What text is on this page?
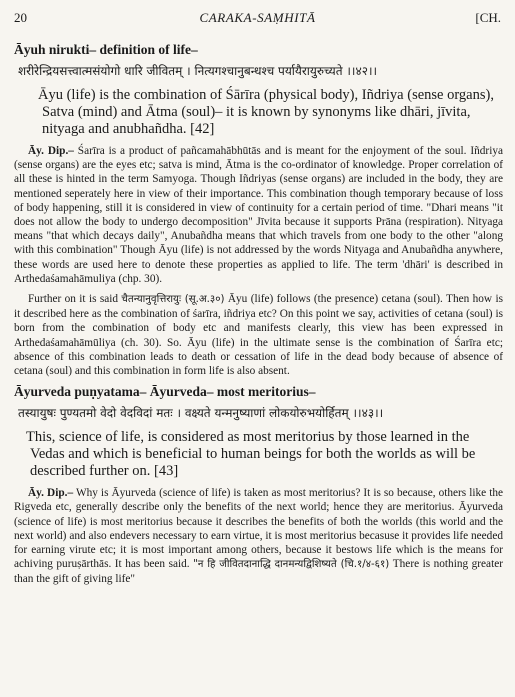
20	CARAKA-SAṂHITĀ	[CH.
Āyuh nirukti– definition of life–
शरीरेन्द्रियसत्त्वात्मसंयोगो धारि जीवितम् । नित्यगश्चानुबन्धश्च पर्यायैरायुरुच्यते ।।४२।।
Āyu (life) is the combination of Śārīra (physical body), Iñdriya (sense organs), Satva (mind) and Ātma (soul)– it is known by synonyms like dhāri, jīvita, nityaga and anubhañdha. [42]
Āy. Dip.– Śarīra is a product of pañcamahābhūtās and is meant for the enjoyment of the soul. Iñdriya (sense organs) are the eyes etc; satva is mind, Ātma is the co-ordinator of knowledge. Proper correlation of all these is hinted in the term Samyoga. Though Iñdriyas (sense organs) are included in the body, they are mentioned seperately here in view of their importance. This combination though temporary because of loss of body happening, still it is considered in view of continuity for a certain period of time. "Dhari means "it does not allow the body to undergo decomposition" Jīvita because it supports Prāna (respiration). Nityaga means "that which decays daily", Anubañdha means that which travels from one body to the other "along with this combination" Though Āyu (life) is not addressed by the words Nityaga and Anubañdha anywhere, these words are used here to denote these properties as applied to life. The term 'dhāri' is described in Arthedaśamahāmuliya (chp. 30).
Further on it is said चैतन्यानुवृत्तिरायुः (सू.अ.३०) Āyu (life) follows (the presence) cetana (soul). Then how is it described here as the combination of śarīra, iñdriya etc? On this point we say, activities of cetana (soul) is born from the combination of body etc and manifests clearly, this view has been expressed in Arthedaśamahāmūliya (ch. 30). So. Āyu (life) in the ultimate sense is the combination of Śarīra etc; absence of this combination leads to death or cessation of life in the dead body because of absence of cetana (soul) and this combination in form life is also absent.
Āyurveda puṇyatama– Āyurveda– most meritorius–
तस्यायुषः पुण्यतमो वेदो वेदविदां मतः । वक्ष्यते यन्मनुष्याणां लोकयोरुभयोर्हितम् ।।४३।।
This, science of life, is considered as most meritorius by those learned in the Vedas and which is beneficial to human beings for both the worlds as will be described further on. [43]
Āy. Dip.– Why is Āyurveda (science of life) is taken as most meritorius? It is so because, others like the Rigveda etc, generally describe only the benefits of the next world; hence they are meritorius. Āyurveda (science of life) is most meritorius because it describes the benefits of both the worlds (this world and the next world) and also endevers necessary to earn virtue, it is most meritorius becasuse it provides life needed for earning virute etc; it is most important among others, because it bestows life which is the means for achiving puruṣārthās. It has been said. "न हि जीवितदानाद्धि दानमन्यद्विशिष्यते (चि.१/४-६१) There is nothing greater than the gift of giving life"
